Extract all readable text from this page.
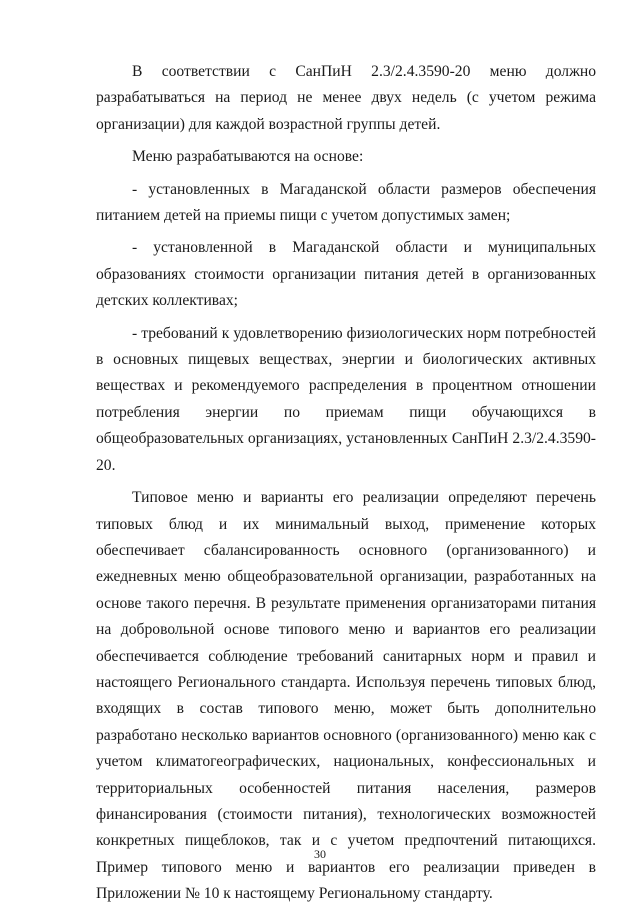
В соответствии с СанПиН 2.3/2.4.3590-20 меню должно разрабатываться на период не менее двух недель (с учетом режима организации) для каждой возрастной группы детей.

Меню разрабатываются на основе:

- установленных в Магаданской области размеров обеспечения питанием детей на приемы пищи с учетом допустимых замен;

- установленной в Магаданской области и муниципальных образованиях стоимости организации питания детей в организованных детских коллективах;

- требований к удовлетворению физиологических норм потребностей в основных пищевых веществах, энергии и биологических активных веществах и рекомендуемого распределения в процентном отношении потребления энергии по приемам пищи обучающихся в общеобразовательных организациях, установленных СанПиН 2.3/2.4.3590-20.

Типовое меню и варианты его реализации определяют перечень типовых блюд и их минимальный выход, применение которых обеспечивает сбалансированность основного (организованного) и ежедневных меню общеобразовательной организации, разработанных на основе такого перечня. В результате применения организаторами питания на добровольной основе типового меню и вариантов его реализации обеспечивается соблюдение требований санитарных норм и правил и настоящего Регионального стандарта. Используя перечень типовых блюд, входящих в состав типового меню, может быть дополнительно разработано несколько вариантов основного (организованного) меню как с учетом климатогеографических, национальных, конфессиональных и территориальных особенностей питания населения, размеров финансирования (стоимости питания), технологических возможностей конкретных пищеблоков, так и с учетом предпочтений питающихся. Пример типового меню и вариантов его реализации приведен в Приложении № 10 к настоящему Региональному стандарту.

30
